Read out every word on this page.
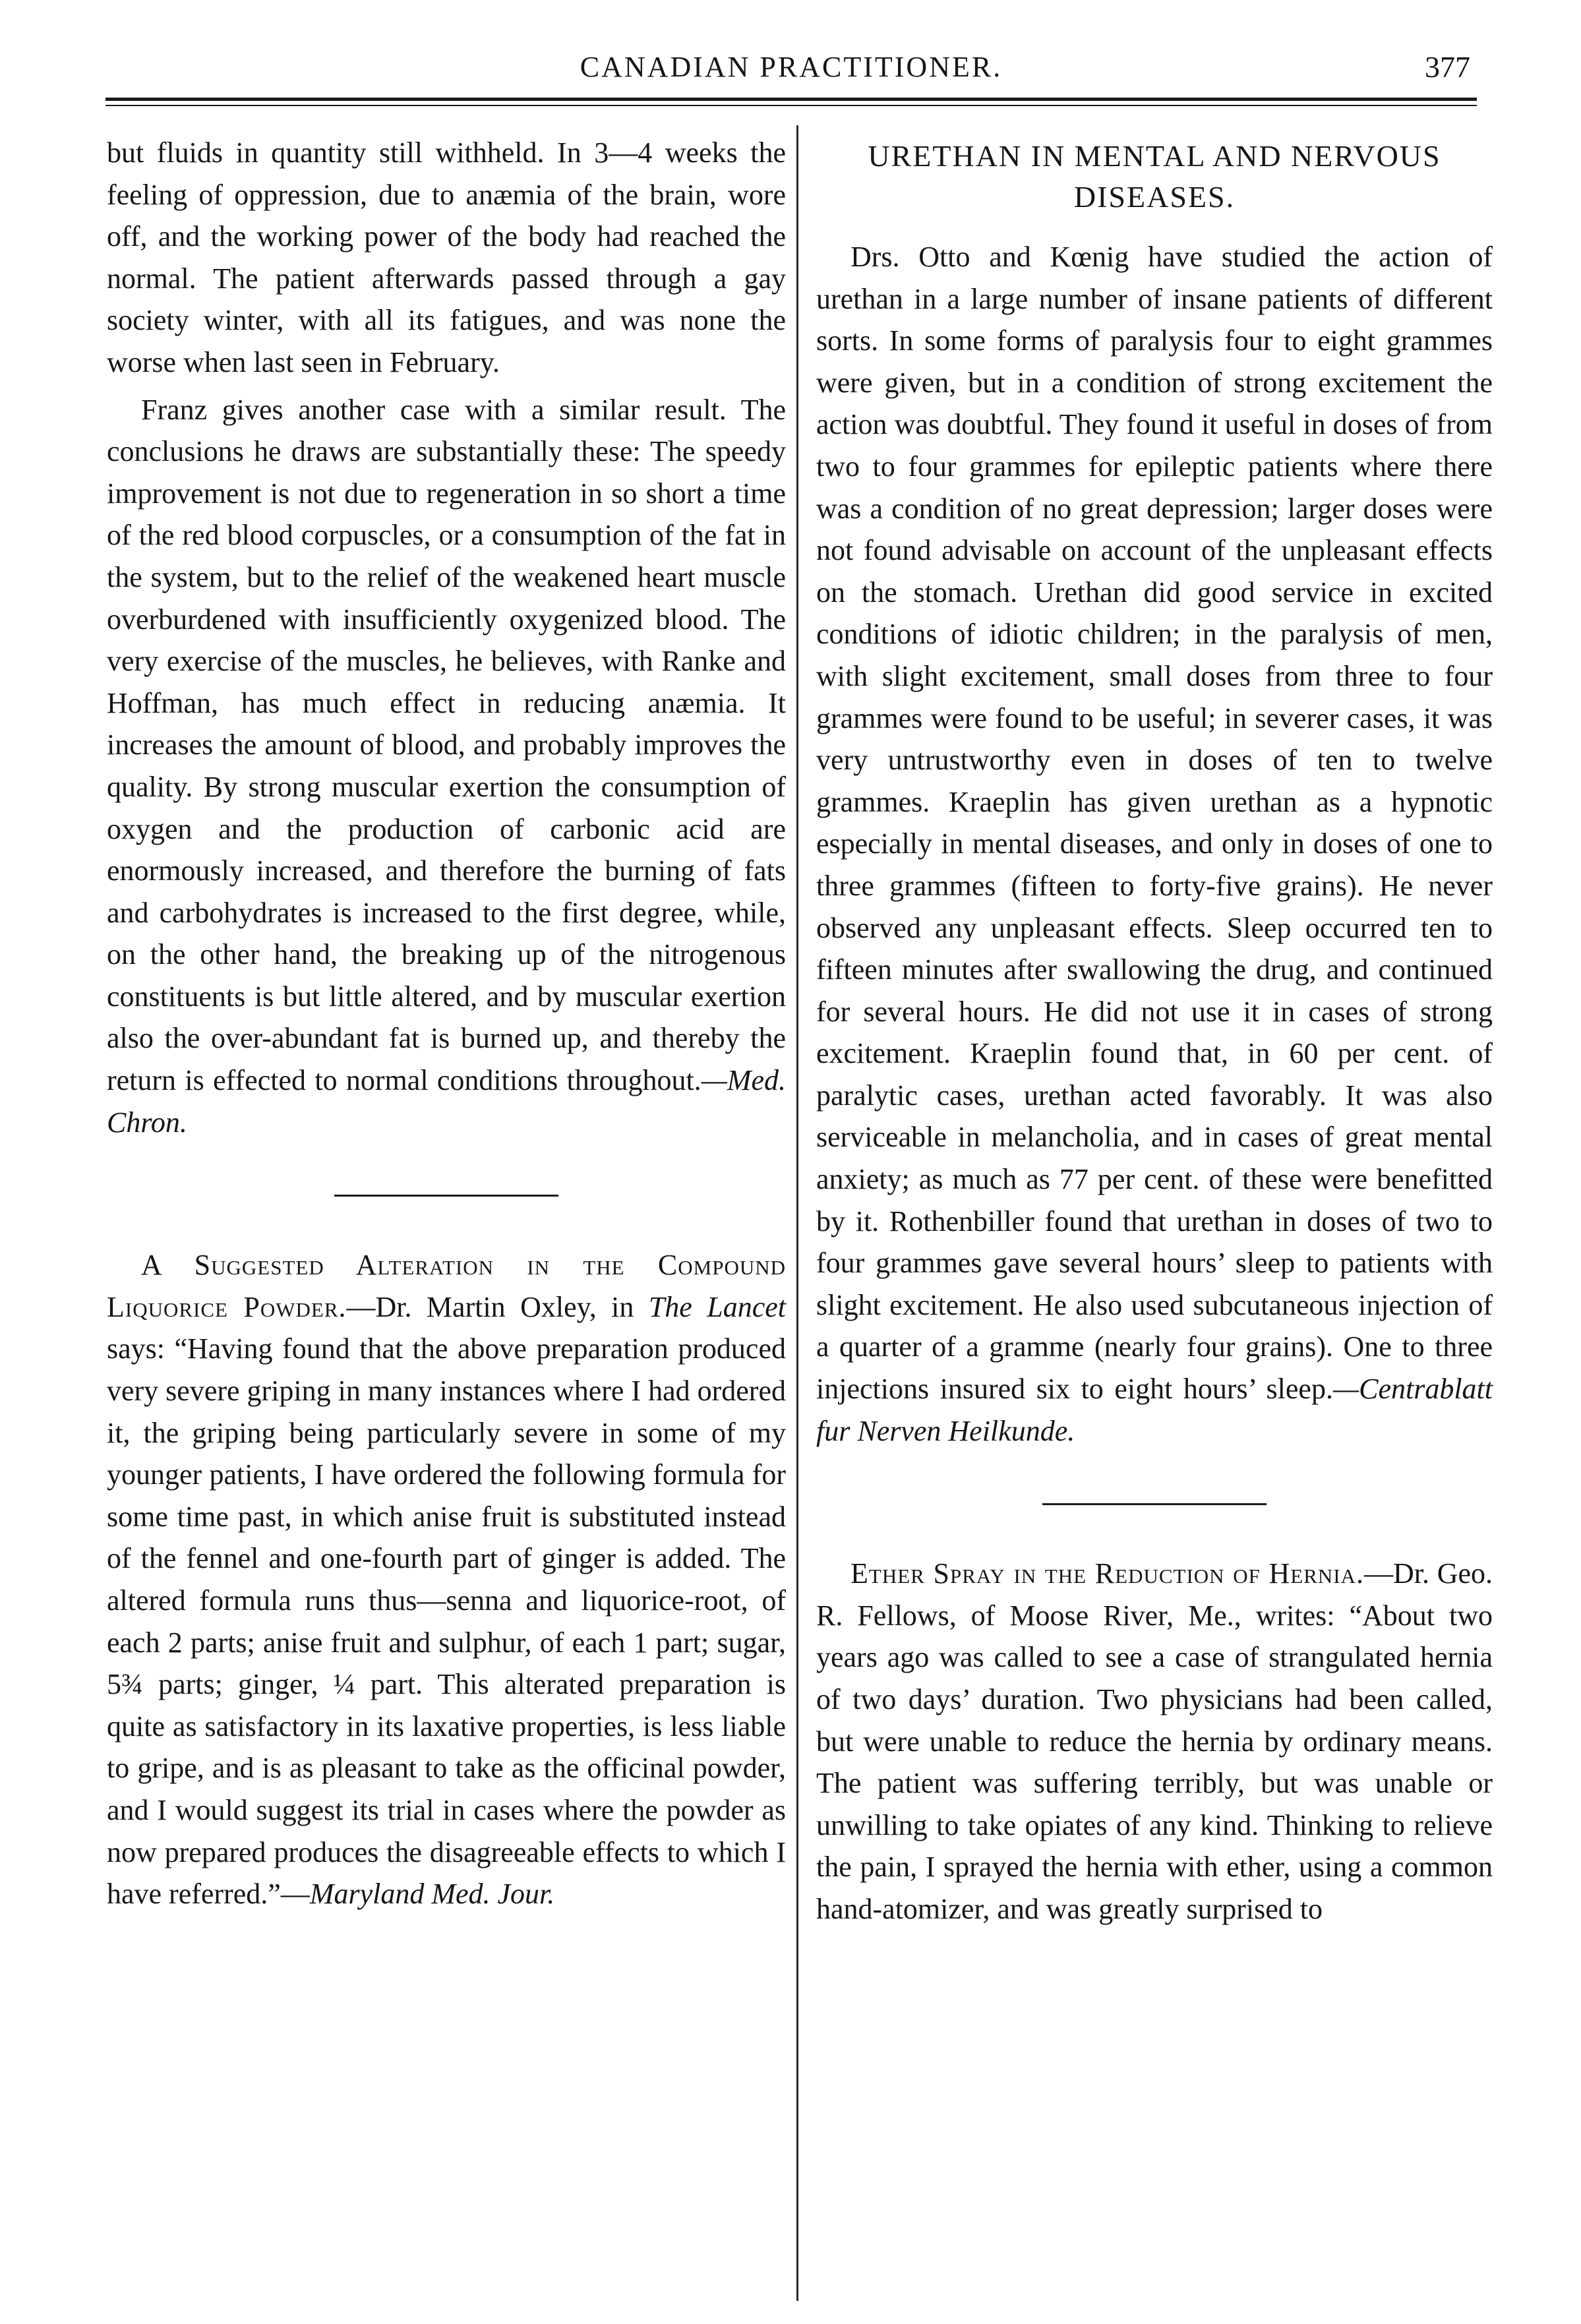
CANADIAN PRACTITIONER.	377

but fluids in quantity still withheld. In 3—4 weeks the feeling of oppression, due to anæmia of the brain, wore off, and the working power of the body had reached the normal. The patient afterwards passed through a gay society winter, with all its fatigues, and was none the worse when last seen in February.

Franz gives another case with a similar result. The conclusions he draws are substantially these: The speedy improvement is not due to regeneration in so short a time of the red blood corpuscles, or a consumption of the fat in the system, but to the relief of the weakened heart muscle overburdened with insufficiently oxygenized blood. The very exercise of the muscles, he believes, with Ranke and Hoffman, has much effect in reducing anæmia. It increases the amount of blood, and probably improves the quality. By strong muscular exertion the consumption of oxygen and the production of carbonic acid are enormously increased, and therefore the burning of fats and carbohydrates is increased to the first degree, while, on the other hand, the breaking up of the nitrogenous constituents is but little altered, and by muscular exertion also the over-abundant fat is burned up, and thereby the return is effected to normal conditions throughout.—Med. Chron.

A Suggested Alteration in the Compound Liquorice Powder.—Dr. Martin Oxley, in The Lancet says: “Having found that the above preparation produced very severe griping in many instances where I had ordered it, the griping being particularly severe in some of my younger patients, I have ordered the following formula for some time past, in which anise fruit is substituted instead of the fennel and one-fourth part of ginger is added. The altered formula runs thus—senna and liquorice-root, of each 2 parts; anise fruit and sulphur, of each 1 part; sugar, 5¾ parts; ginger, ¼ part. This alterated preparation is quite as satisfactory in its laxative properties, is less liable to gripe, and is as pleasant to take as the officinal powder, and I would suggest its trial in cases where the powder as now prepared produces the disagreeable effects to which I have referred.”—Maryland Med. Jour.

URETHAN IN MENTAL AND NERVOUS DISEASES.

Drs. Otto and Kœnig have studied the action of urethan in a large number of insane patients of different sorts. In some forms of paralysis four to eight grammes were given, but in a condition of strong excitement the action was doubtful. They found it useful in doses of from two to four grammes for epileptic patients where there was a condition of no great depression; larger doses were not found advisable on account of the unpleasant effects on the stomach. Urethan did good service in excited conditions of idiotic children; in the paralysis of men, with slight excitement, small doses from three to four grammes were found to be useful; in severer cases, it was very untrustworthy even in doses of ten to twelve grammes. Kraeplin has given urethan as a hypnotic especially in mental diseases, and only in doses of one to three grammes (fifteen to forty-five grains). He never observed any unpleasant effects. Sleep occurred ten to fifteen minutes after swallowing the drug, and continued for several hours. He did not use it in cases of strong excitement. Kraeplin found that, in 60 per cent. of paralytic cases, urethan acted favorably. It was also serviceable in melancholia, and in cases of great mental anxiety; as much as 77 per cent. of these were benefitted by it. Rothenbiller found that urethan in doses of two to four grammes gave several hours’ sleep to patients with slight excitement. He also used subcutaneous injection of a quarter of a gramme (nearly four grains). One to three injections insured six to eight hours’ sleep.—Centrablatt fur Nerven Heilkunde.

Ether Spray in the Reduction of Hernia.—Dr. Geo. R. Fellows, of Moose River, Me., writes: “About two years ago was called to see a case of strangulated hernia of two days’ duration. Two physicians had been called, but were unable to reduce the hernia by ordinary means. The patient was suffering terribly, but was unable or unwilling to take opiates of any kind. Thinking to relieve the pain, I sprayed the hernia with ether, using a common hand-atomizer, and was greatly surprised to
